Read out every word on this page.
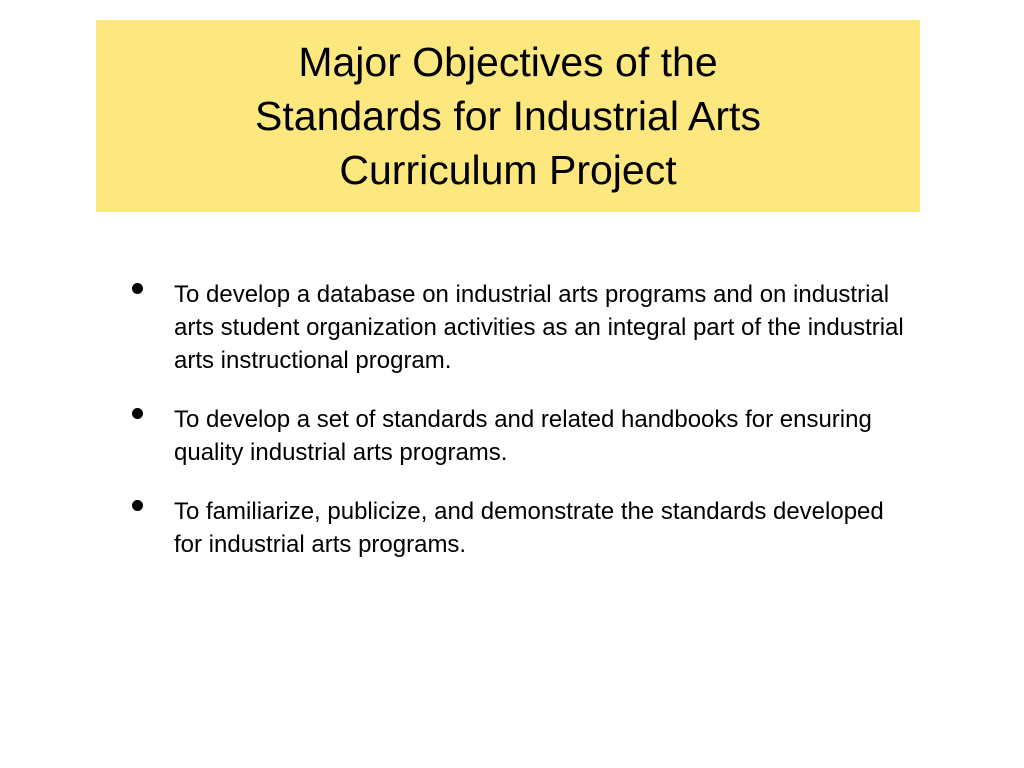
Major Objectives of the
Standards for Industrial Arts
Curriculum Project
To develop a database on industrial arts programs and on industrial arts student organization activities as an integral part of the industrial arts instructional program.
To develop a set of standards and related handbooks for ensuring quality industrial arts programs.
To familiarize, publicize, and demonstrate the standards developed for industrial arts programs.
